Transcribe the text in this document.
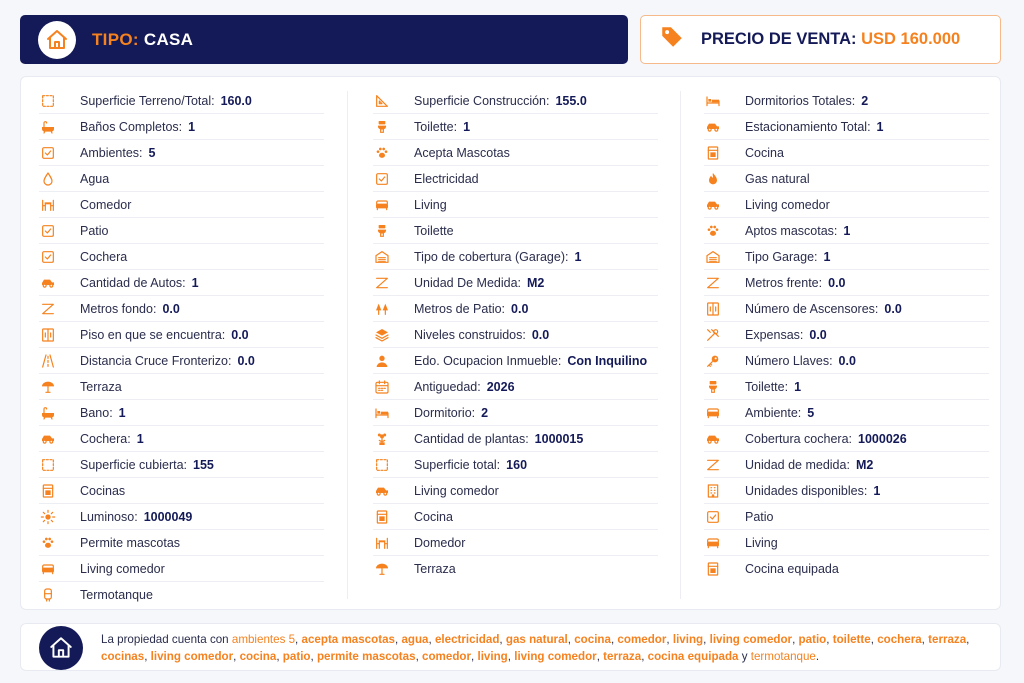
TIPO: CASA	PRECIO DE VENTA: USD 160.000
Superficie Terreno/Total: 160.0
Baños Completos: 1
Ambientes: 5
Agua
Comedor
Patio
Cochera
Cantidad de Autos: 1
Metros fondo: 0.0
Piso en que se encuentra: 0.0
Distancia Cruce Fronterizo: 0.0
Terraza
Bano: 1
Cochera: 1
Superficie cubierta: 155
Cocinas
Luminoso: 1000049
Permite mascotas
Living comedor
Termotanque
Superficie Construcción: 155.0
Toilette: 1
Acepta Mascotas
Electricidad
Living
Toilette
Tipo de cobertura (Garage): 1
Unidad De Medida: M2
Metros de Patio: 0.0
Niveles construidos: 0.0
Edo. Ocupacion Inmueble: Con Inquilino
Antiguedad: 2026
Dormitorio: 2
Cantidad de plantas: 1000015
Superficie total: 160
Living comedor
Cocina
Domedor
Terraza
Dormitorios Totales: 2
Estacionamiento Total: 1
Cocina
Gas natural
Living comedor
Aptos mascotas: 1
Tipo Garage: 1
Metros frente: 0.0
Número de Ascensores: 0.0
Expensas: 0.0
Número Llaves: 0.0
Toilette: 1
Ambiente: 5
Cobertura cochera: 1000026
Unidad de medida: M2
Unidades disponibles: 1
Patio
Living
Cocina equipada
La propiedad cuenta con ambientes 5, acepta mascotas, agua, electricidad, gas natural, cocina, comedor, living, living comedor, patio, toilette, cochera, terraza, cocinas, living comedor, cocina, patio, permite mascotas, comedor, living, living comedor, terraza, cocina equipada y termotanque.
